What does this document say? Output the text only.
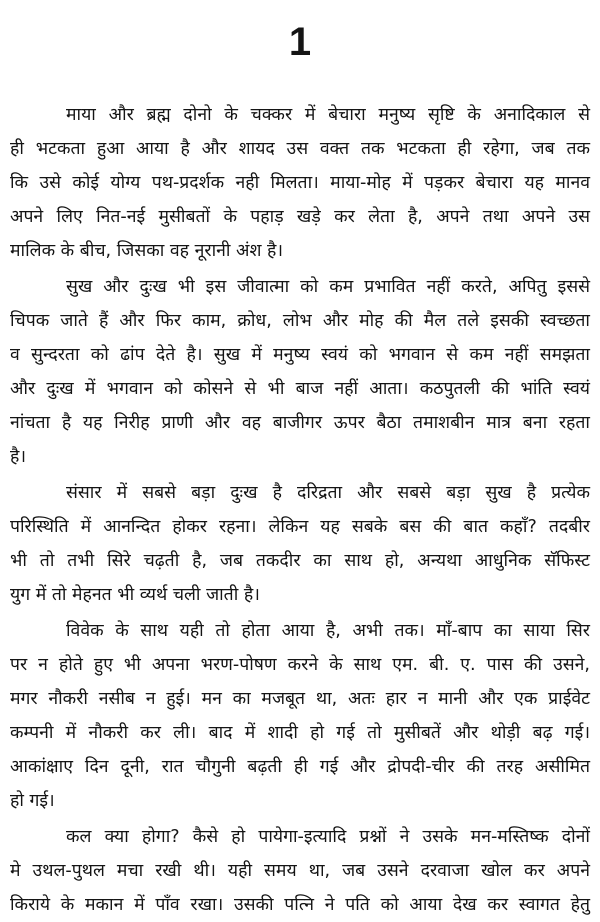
1
माया और ब्रह्म दोनो के चक्कर में बेचारा मनुष्य सृष्टि के अनादिकाल से
ही भटकता हुआ आया है और शायद उस वक्त तक भटकता ही रहेगा, जब तक
कि उसे कोई योग्य पथ-प्रदर्शक नही मिलता। माया-मोह में पड़कर बेचारा यह मानव
अपने लिए नित-नई मुसीबतों के पहाड़ खड़े कर लेता है, अपने तथा अपने उस
मालिक के बीच, जिसका वह नूरानी अंश है।
सुख और दुःख भी इस जीवात्मा को कम प्रभावित नहीं करते, अपितु इससे
चिपक जाते हैं और फिर काम, क्रोध, लोभ और मोह की मैल तले इसकी स्वच्छता
व सुन्दरता को ढांप देते है। सुख में मनुष्य स्वयं को भगवान से कम नहीं समझता
और दुःख में भगवान को कोसने से भी बाज नहीं आता। कठपुतली की भांति स्वयं
नांचता है यह निरीह प्राणी और वह बाजीगर ऊपर बैठा तमाशबीन मात्र बना रहता
है।
संसार में सबसे बड़ा दुःख है दरिद्रता और सबसे बड़ा सुख है प्रत्येक
परिस्थिति में आनन्दित होकर रहना। लेकिन यह सबके बस की बात कहाँ? तदबीर
भी तो तभी सिरे चढ़ती है, जब तकदीर का साथ हो, अन्यथा आधुनिक सॅफिस्ट
युग में तो मेहनत भी व्यर्थ चली जाती है।
विवेक के साथ यही तो होता आया है, अभी तक। माँ-बाप का साया सिर
पर न होते हुए भी अपना भरण-पोषण करने के साथ एम. बी. ए. पास की उसने,
मगर नौकरी नसीब न हुई। मन का मजबूत था, अतः हार न मानी और एक प्राईवेट
कम्पनी में नौकरी कर ली। बाद में शादी हो गई तो मुसीबतें और थोड़ी बढ़ गई।
आकांक्षाए दिन दूनी, रात चौगुनी बढ़ती ही गई और द्रोपदी-चीर की तरह असीमित
हो गई।
कल क्या होगा? कैसे हो पायेगा-इत्यादि प्रश्नों ने उसके मन-मस्तिष्क दोनों
मे उथल-पुथल मचा रखी थी। यही समय था, जब उसने दरवाजा खोल कर अपने
किराये के मकान में पाँव रखा। उसकी पत्नि ने पति को आया देख कर स्वागत हेतु
